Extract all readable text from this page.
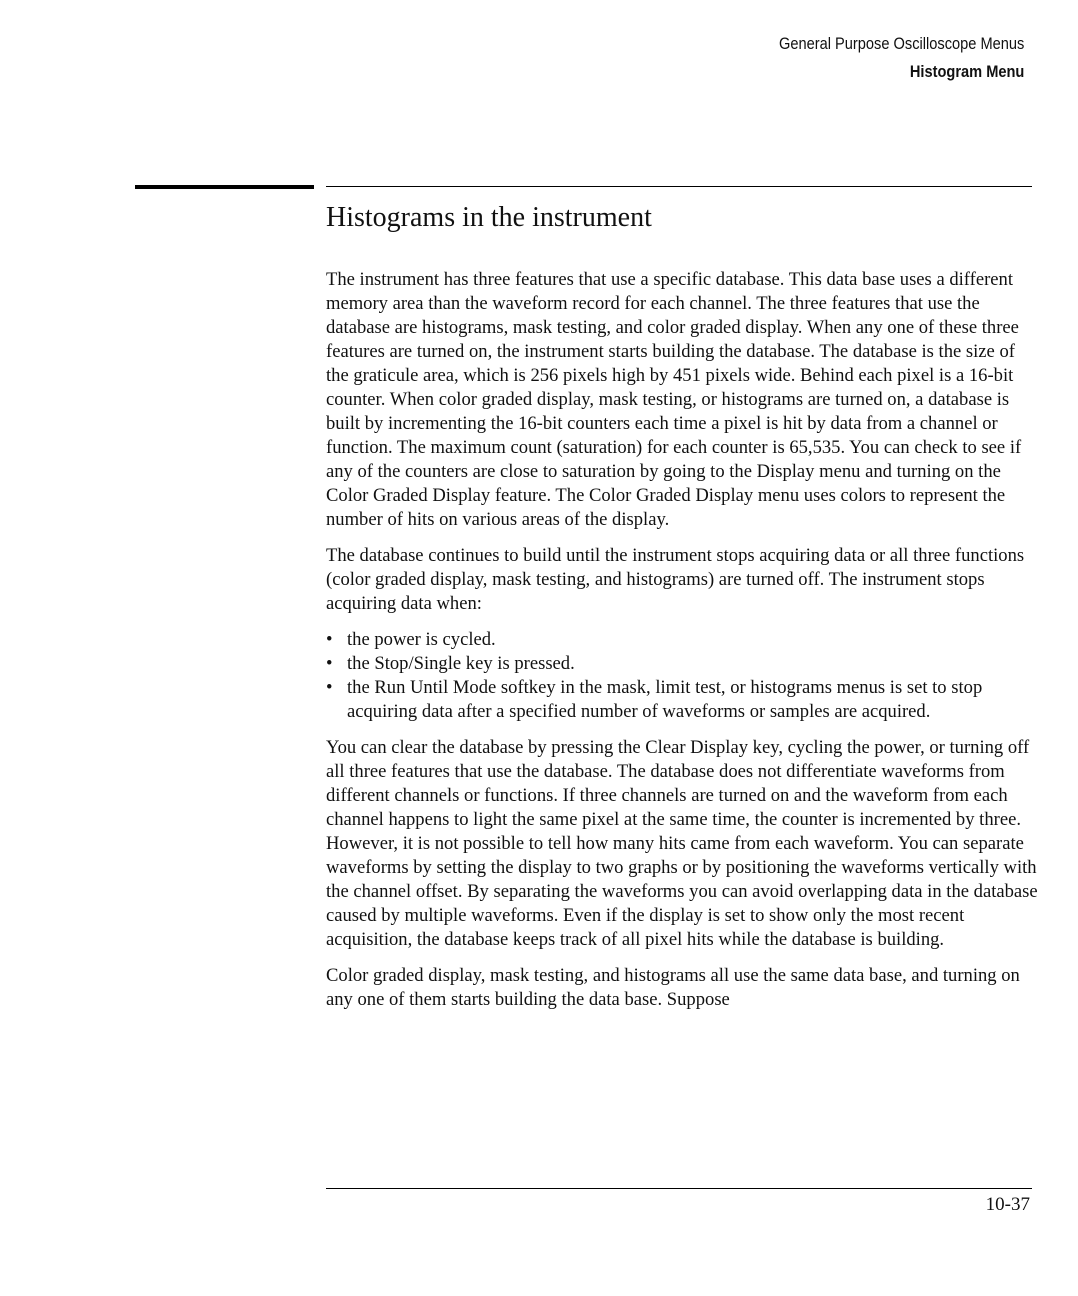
General Purpose Oscilloscope Menus
Histogram Menu
Histograms in the instrument

The instrument has three features that use a specific database. This data base uses a different memory area than the waveform record for each channel. The three features that use the database are histograms, mask testing, and color graded display. When any one of these three features are turned on, the instrument starts building the database. The database is the size of the graticule area, which is 256 pixels high by 451 pixels wide. Behind each pixel is a 16-bit counter. When color graded display, mask testing, or histograms are turned on, a database is built by incrementing the 16-bit counters each time a pixel is hit by data from a channel or function. The maximum count (saturation) for each counter is 65,535. You can check to see if any of the counters are close to saturation by going to the Display menu and turning on the Color Graded Display feature. The Color Graded Display menu uses colors to represent the number of hits on various areas of the display.

The database continues to build until the instrument stops acquiring data or all three functions (color graded display, mask testing, and histograms) are turned off. The instrument stops acquiring data when:

• the power is cycled.
• the Stop/Single key is pressed.
• the Run Until Mode softkey in the mask, limit test, or histograms menus is set to stop acquiring data after a specified number of waveforms or samples are acquired.

You can clear the database by pressing the Clear Display key, cycling the power, or turning off all three features that use the database. The database does not differentiate waveforms from different channels or functions. If three channels are turned on and the waveform from each channel happens to light the same pixel at the same time, the counter is incremented by three. However, it is not possible to tell how many hits came from each waveform. You can separate waveforms by setting the display to two graphs or by positioning the waveforms vertically with the channel offset. By separating the waveforms you can avoid overlapping data in the database caused by multiple waveforms. Even if the display is set to show only the most recent acquisition, the database keeps track of all pixel hits while the database is building.

Color graded display, mask testing, and histograms all use the same data base, and turning on any one of them starts building the data base. Suppose

10-37
